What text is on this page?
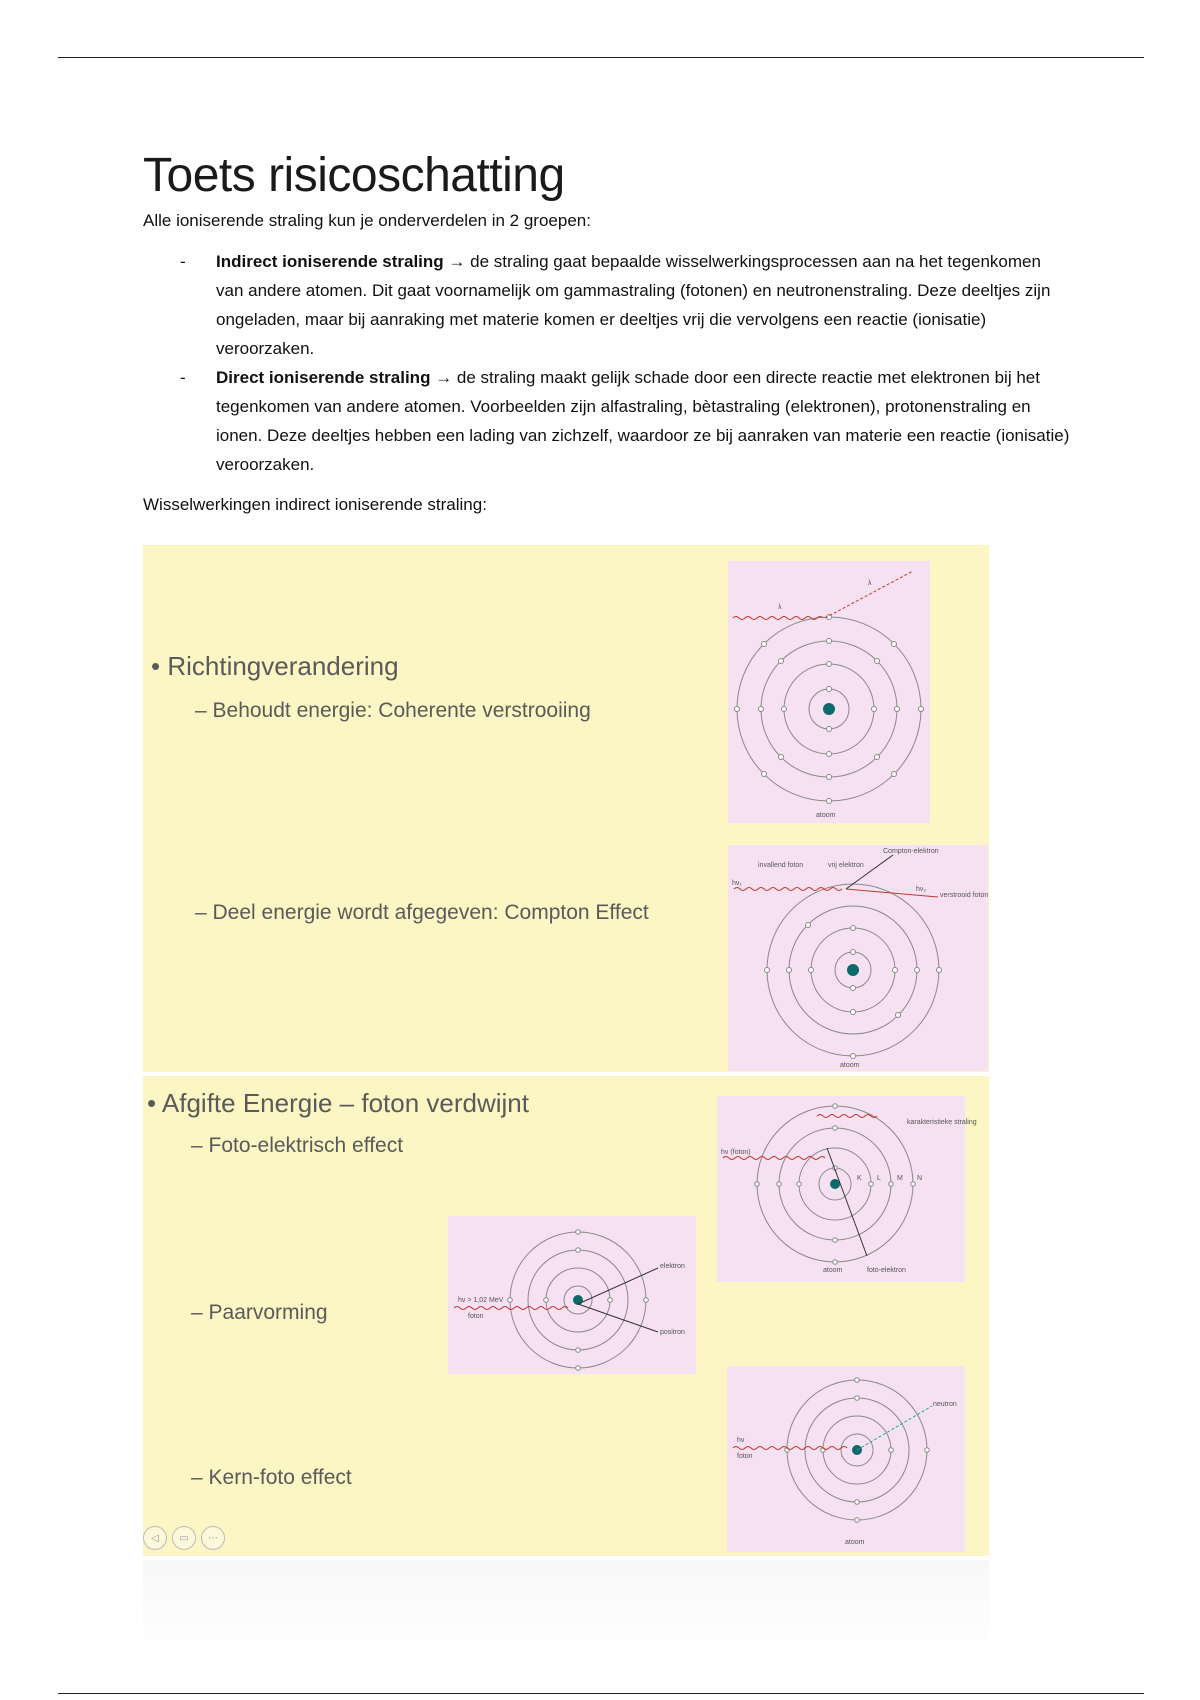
Toets risicoschatting

Alle ioniserende straling kun je onderverdelen in 2 groepen:

- Indirect ioniserende straling → de straling gaat bepaalde wisselwerkingsprocessen aan na het tegenkomen van andere atomen. Dit gaat voornamelijk om gammastraling (fotonen) en neutronenstraling. Deze deeltjes zijn ongeladen, maar bij aanraking met materie komen er deeltjes vrij die vervolgens een reactie (ionisatie) veroorzaken.
- Direct ioniserende straling → de straling maakt gelijk schade door een directe reactie met elektronen bij het tegenkomen van andere atomen. Voorbeelden zijn alfastraling, bètastraling (elektronen), protonenstraling en ionen. Deze deeltjes hebben een lading van zichzelf, waardoor ze bij aanraken van materie een reactie (ionisatie) veroorzaken.

Wisselwerkingen indirect ioniserende straling:

• Richtingverandering
– Behoudt energie: Coherente verstrooiing
– Deel energie wordt afgegeven: Compton Effect
λ
λ
atoom
invallend foton	vrij elektron
Compton-elektron
verstrooid foton
hν₁
hν₂
atoom
• Afgifte Energie – foton verdwijnt
– Foto-elektrisch effect
– Paarvorming
– Kern-foto effect
hν (foton)
karakteristieke straling
K L M N
atoom	foto-elektron
hν > 1,02 MeV
foton
elektron
positron
hν
foton
neutron
atoom
◁	▭	⋯
